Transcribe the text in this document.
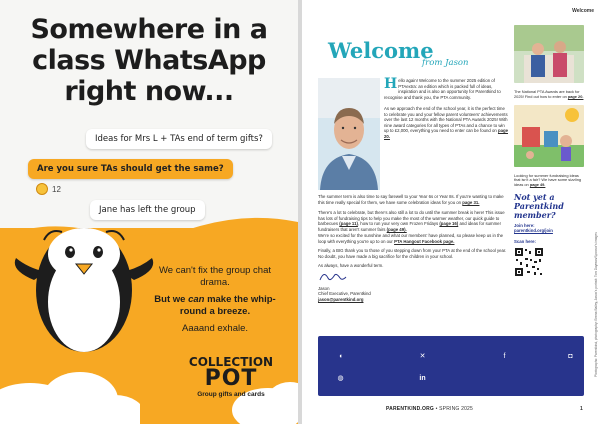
Somewhere in a class WhatsApp right now...
Ideas for Mrs L + TAs end of term gifts?
Are you sure TAs should get the same?
12
Jane has left the group
We can't fix the group chat drama.
But we can make the whip-round a breeze.
Aaaand exhale.
COLLECTION
POT
Group gifts and cards
Welcome
Welcome
from Jason

Hello again! Welcome to the summer 2025 edition of PTAextra: an edition which is packed full of ideas, inspiration and is also an opportunity for Parentkind to recognise and thank you, the PTA community.

As we approach the end of the school year, it is the perfect time to celebrate you and your fellow parent volunteers' achievements over the last 12 months with the National PTA Awards 2025! With nine award categories for all types of PTAs and a chance to win up to £2,000, everything you need to enter can be found on page 20.

The summer term is also time to say farewell to your Year 6s or Year 8s. If you're wanting to make this time really special for them, we have some celebration ideas for you on page 31.

There's a lot to celebrate, but there's also still a lot to do until the summer break is here! This issue has lots of fundraising tips to help you make the most of the warmer weather, our quick guide to barbecues (page 11), how to run your very own Frozen Fridays (page 16) and ideas for summer fundraisers that aren't summer fairs (page 49).

We're so excited for the sunshine and what our members' have planned, so please keep us in the loop with everything you're up to on our PTA Hangout Facebook page.

Finally, a BIG thank you to those of you stepping down from your PTA at the end of the school year. No doubt, you have made a big sacrifice for the children in your school.

As always, have a wonderful term.

Jason
Chief Executive, Parentkind
jason@parentkind.org
The National PTA Awards are back for 2025! Find out how to enter on page 20.
Looking for summer fundraising ideas that isn't a fair? We have some sizzling ideas on page 49.
Not yet a Parentkind member?
Join here:
parentkind.org/join
Scan here:	Photographs: Parentkind, photography: Emma Bailey, Jason's portrait: Tom Dayman/Sponsor's images
◖	✕	f	◘
◍	in
PARENTKIND.ORG • SPRING 2025	1
